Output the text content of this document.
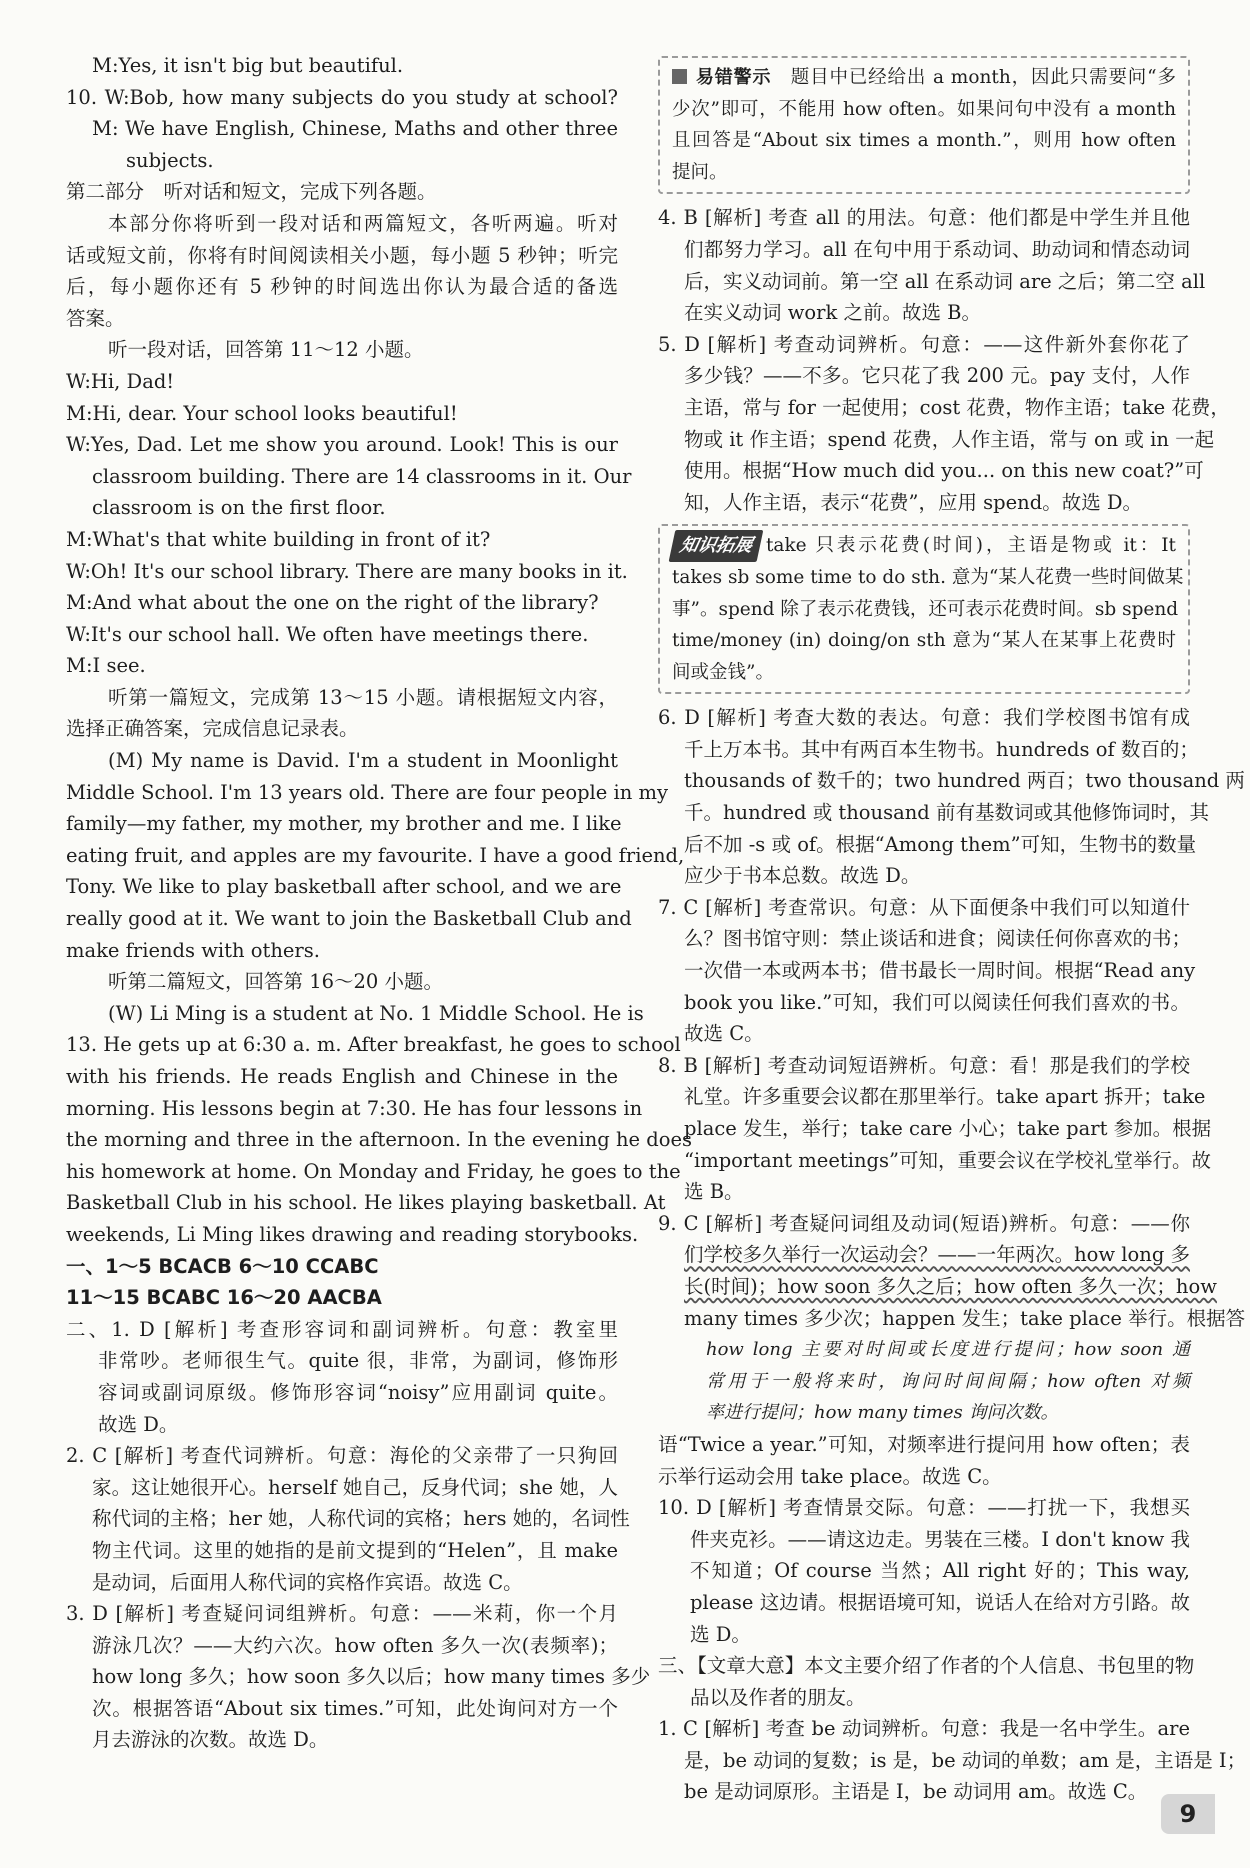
M:Yes, it isn't big but beautiful.
10. W:Bob, how many subjects do you study at school?
M: We have English, Chinese, Maths and other three
subjects.
第二部分　听对话和短文，完成下列各题。
本部分你将听到一段对话和两篇短文，各听两遍。听对
话或短文前，你将有时间阅读相关小题，每小题 5 秒钟；听完
后，每小题你还有 5 秒钟的时间选出你认为最合适的备选
答案。
听一段对话，回答第 11～12 小题。
W:Hi, Dad!
M:Hi, dear. Your school looks beautiful!
W:Yes, Dad. Let me show you around. Look! This is our
classroom building. There are 14 classrooms in it. Our
classroom is on the first floor.
M:What's that white building in front of it?
W:Oh! It's our school library. There are many books in it.
M:And what about the one on the right of the library?
W:It's our school hall. We often have meetings there.
M:I see.
听第一篇短文，完成第 13～15 小题。请根据短文内容，
选择正确答案，完成信息记录表。
(M) My name is David. I'm a student in Moonlight
Middle School. I'm 13 years old. There are four people in my
family—my father, my mother, my brother and me. I like
eating fruit, and apples are my favourite. I have a good friend,
Tony. We like to play basketball after school, and we are
really good at it. We want to join the Basketball Club and
make friends with others.
听第二篇短文，回答第 16～20 小题。
(W) Li Ming is a student at No. 1 Middle School. He is
13. He gets up at 6:30 a. m. After breakfast, he goes to school
with his friends. He reads English and Chinese in the
morning. His lessons begin at 7:30. He has four lessons in
the morning and three in the afternoon. In the evening he does
his homework at home. On Monday and Friday, he goes to the
Basketball Club in his school. He likes playing basketball. At
weekends, Li Ming likes drawing and reading storybooks.
一、1～5 BCACB 6～10 CCABC
11～15 BCABC 16～20 AACBA
二、1. D [解析] 考查形容词和副词辨析。句意：教室里
非常吵。老师很生气。quite 很，非常，为副词，修饰形
容词或副词原级。修饰形容词“noisy”应用副词 quite。
故选 D。
2. C [解析] 考查代词辨析。句意：海伦的父亲带了一只狗回
家。这让她很开心。herself 她自己，反身代词；she 她，人
称代词的主格；her 她，人称代词的宾格；hers 她的，名词性
物主代词。这里的她指的是前文提到的“Helen”，且 make
是动词，后面用人称代词的宾格作宾语。故选 C。
3. D [解析] 考查疑问词组辨析。句意：——米莉，你一个月
游泳几次？——大约六次。how often 多久一次(表频率)；
how long 多久；how soon 多久以后；how many times 多少
次。根据答语“About six times.”可知，此处询问对方一个
月去游泳的次数。故选 D。
易错警示　 题目中已经给出 a month，因此只需要问“多
少次”即可，不能用 how often。如果问句中没有 a month
且回答是“About six times a month.”，则用 how often
提问。
4. B [解析] 考查 all 的用法。句意：他们都是中学生并且他
们都努力学习。all 在句中用于系动词、助动词和情态动词
后，实义动词前。第一空 all 在系动词 are 之后；第二空 all
在实义动词 work 之前。故选 B。
5. D [解析] 考查动词辨析。句意：——这件新外套你花了
多少钱？——不多。它只花了我 200 元。pay 支付，人作
主语，常与 for 一起使用；cost 花费，物作主语；take 花费，
物或 it 作主语；spend 花费，人作主语，常与 on 或 in 一起
使用。根据“How much did you... on this new coat?”可
知，人作主语，表示“花费”，应用 spend。故选 D。
知识拓展 take 只表示花费(时间)，主语是物或 it：It
takes sb some time to do sth. 意为“某人花费一些时间做某
事”。spend 除了表示花费钱，还可表示花费时间。sb spend
time/money (in) doing/on sth 意为“某人在某事上花费时
间或金钱”。
6. D [解析] 考查大数的表达。句意：我们学校图书馆有成
千上万本书。其中有两百本生物书。hundreds of 数百的；
thousands of 数千的；two hundred 两百；two thousand 两
千。hundred 或 thousand 前有基数词或其他修饰词时，其
后不加 -s 或 of。根据“Among them”可知，生物书的数量
应少于书本总数。故选 D。
7. C [解析] 考查常识。句意：从下面便条中我们可以知道什
么？图书馆守则：禁止谈话和进食；阅读任何你喜欢的书；
一次借一本或两本书；借书最长一周时间。根据“Read any
book you like.”可知，我们可以阅读任何我们喜欢的书。
故选 C。
8. B [解析] 考查动词短语辨析。句意：看！那是我们的学校
礼堂。许多重要会议都在那里举行。take apart 拆开；take
place 发生，举行；take care 小心；take part 参加。根据
“important meetings”可知，重要会议在学校礼堂举行。故
选 B。
9. C [解析] 考查疑问词组及动词(短语)辨析。句意：——你
们学校多久举行一次运动会？——一年两次。how long 多
长(时间)；how soon 多久之后；how often 多久一次；how
many times 多少次；happen 发生；take place 举行。根据答
how long 主要对时间或长度进行提问；how soon 通
常用于一般将来时，询问时间间隔；how often 对频
率进行提问；how many times 询问次数。
语“Twice a year.”可知，对频率进行提问用 how often；表
示举行运动会用 take place。故选 C。
10. D [解析] 考查情景交际。句意：——打扰一下，我想买
件夹克衫。——请这边走。男装在三楼。I don't know 我
不知道；Of course 当然；All right 好的；This way,
please 这边请。根据语境可知，说话人在给对方引路。故
选 D。
三、【文章大意】本文主要介绍了作者的个人信息、书包里的物
品以及作者的朋友。
1. C [解析] 考查 be 动词辨析。句意：我是一名中学生。are
是，be 动词的复数；is 是，be 动词的单数；am 是，主语是 I；
be 是动词原形。主语是 I，be 动词用 am。故选 C。
9
